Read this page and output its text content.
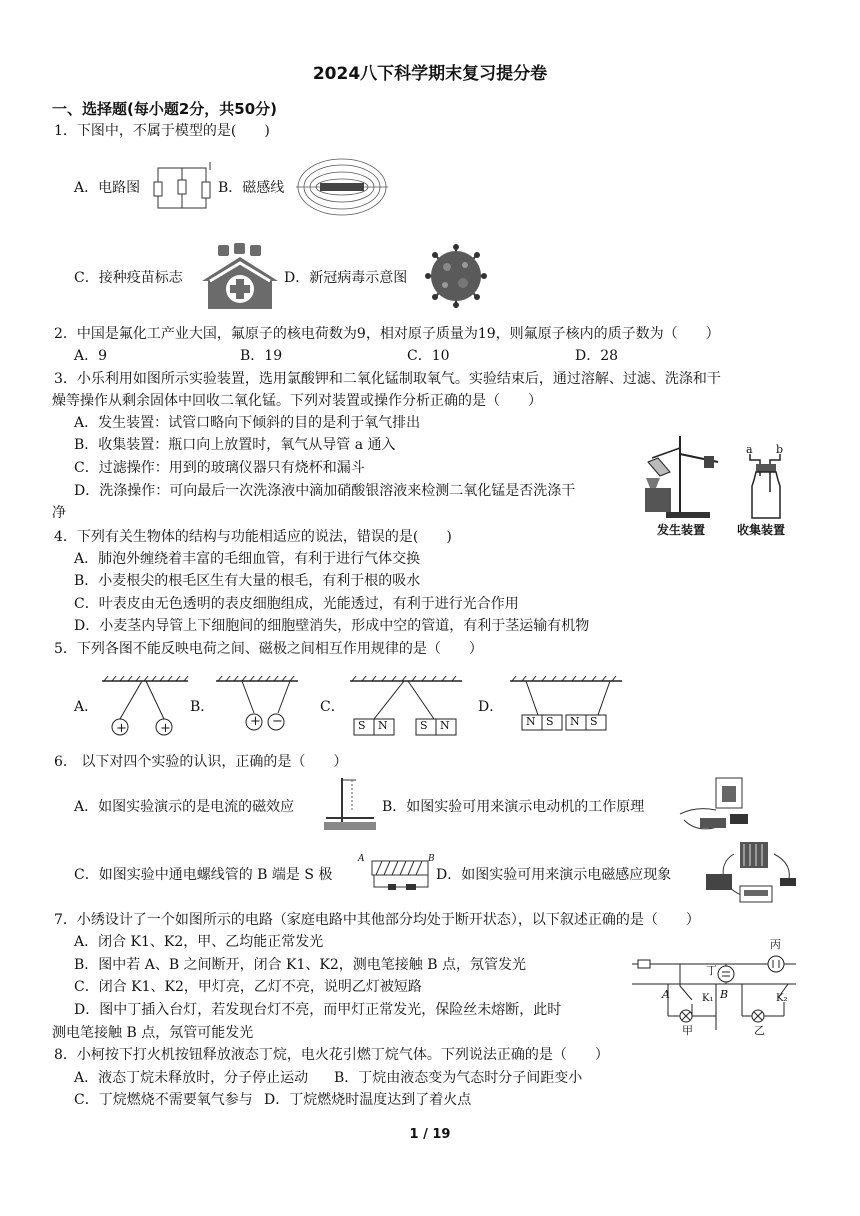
2024八下科学期末复习提分卷
一、选择题(每小题2分，共50分)
1．下图中，不属于模型的是(　　)
A．电路图	B．磁感线
C．接种疫苗标志	D．新冠病毒示意图
2．中国是氟化工产业大国，氟原子的核电荷数为9，相对原子质量为19，则氟原子核内的质子数为（　　）
A．9	B．19	C．10	D．28
3．小乐利用如图所示实验装置，选用氯酸钾和二氧化锰制取氧气。实验结束后，通过溶解、过滤、洗涤和干
燥等操作从剩余固体中回收二氧化锰。下列对装置或操作分析正确的是（　　）
A．发生装置：试管口略向下倾斜的目的是利于氧气排出
B．收集装置：瓶口向上放置时，氧气从导管 a 通入
C．过滤操作：用到的玻璃仪器只有烧杯和漏斗
D．洗涤操作：可向最后一次洗涤液中滴加硝酸银溶液来检测二氧化锰是否洗涤干
净
发生装置
a b
收集装置
4．下列有关生物体的结构与功能相适应的说法，错误的是(　　)
A．肺泡外缠绕着丰富的毛细血管，有利于进行气体交换
B．小麦根尖的根毛区生有大量的根毛，有利于根的吸水
C．叶表皮由无色透明的表皮细胞组成，光能透过，有利于进行光合作用
D．小麦茎内导管上下细胞间的细胞壁消失，形成中空的管道，有利于茎运输有机物
5．下列各图不能反映电荷之间、磁极之间相互作用规律的是（　　）
A．
+	+
B．
+ −
C．
S N	S N
D．
N S N S
6． 以下对四个实验的认识，正确的是（　　）
A．如图实验演示的是电流的磁效应	B．如图实验可用来演示电动机的工作原理
C．如图实验中通电螺线管的 B 端是 S 极
A	B
D．如图实验可用来演示电磁感应现象
7．小绣设计了一个如图所示的电路（家庭电路中其他部分均处于断开状态），以下叙述正确的是（　　）
A．闭合 K1、K2，甲、乙均能正常发光
B．图中若 A、B 之间断开，闭合 K1、K2，测电笔接触 B 点，氖管发光
C．闭合 K1、K2，甲灯亮，乙灯不亮，说明乙灯被短路
D．图中丁插入台灯，若发现台灯不亮，而甲灯正常发光，保险丝未熔断，此时
测电笔接触 B 点，氖管可能发光
丙
丁
A	B
K₁	K₂
甲	乙
8．小柯按下打火机按钮释放液态丁烷，电火花引燃丁烷气体。下列说法正确的是（　　）
A．液态丁烷未释放时，分子停止运动 B．丁烷由液态变为气态时分子间距变小
C．丁烷燃烧不需要氧气参与 D．丁烷燃烧时温度达到了着火点
1 / 19
